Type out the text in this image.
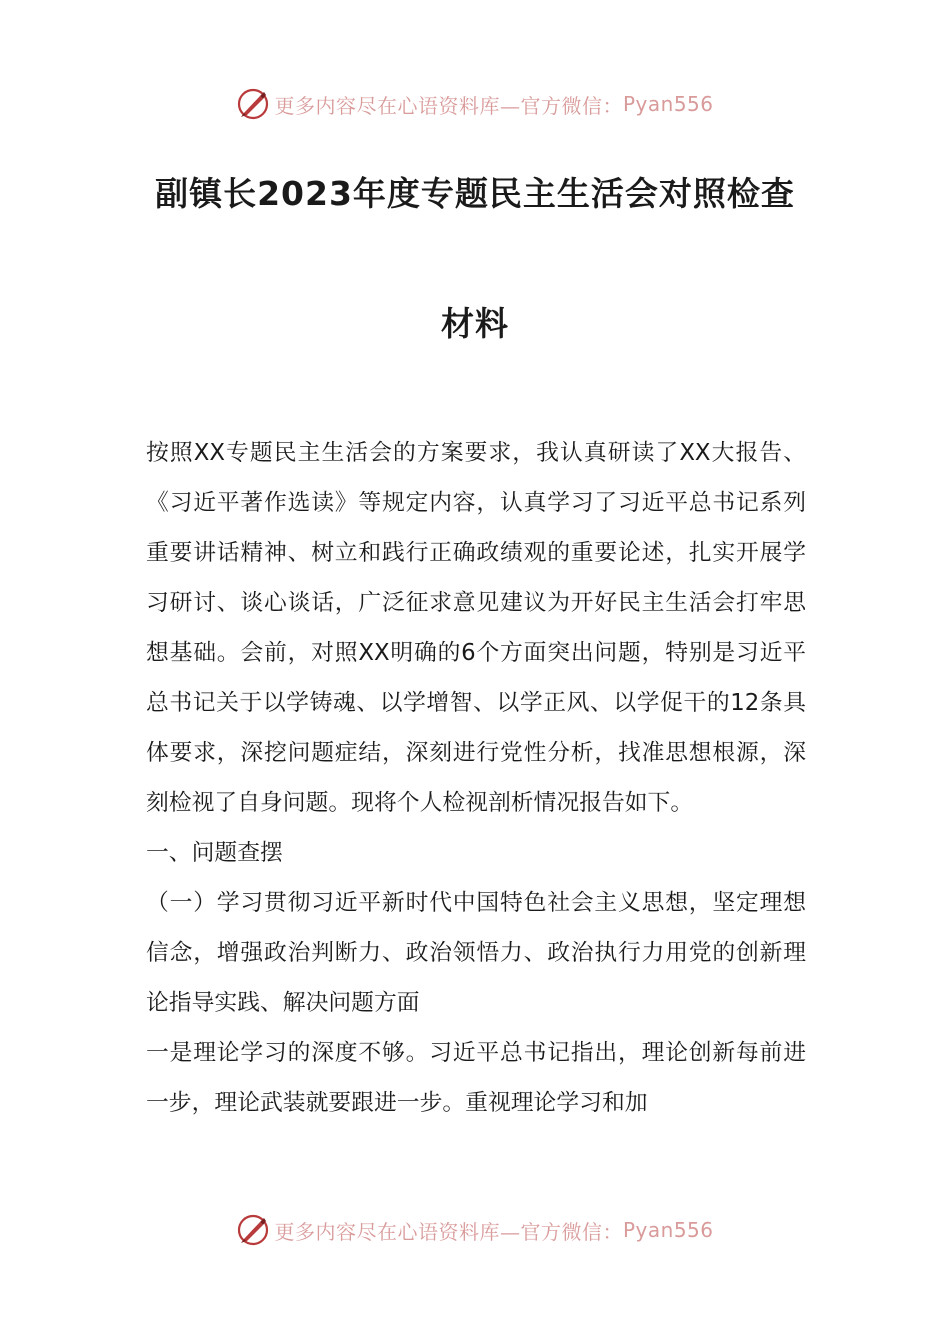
更多内容尽在心语资料库—官方微信： Pyan556
副镇长2023年度专题民主生活会对照检查
材料

按照XX专题民主生活会的方案要求，我认真研读了XX大报告、《习近平著作选读》等规定内容，认真学习了习近平总书记系列重要讲话精神、树立和践行正确政绩观的重要论述，扎实开展学习研讨、谈心谈话，广泛征求意见建议为开好民主生活会打牢思想基础。会前，对照XX明确的6个方面突出问题，特别是习近平总书记关于以学铸魂、以学增智、以学正风、以学促干的12条具体要求，深挖问题症结，深刻进行党性分析，找准思想根源，深刻检视了自身问题。现将个人检视剖析情况报告如下。

一、问题查摆

（一）学习贯彻习近平新时代中国特色社会主义思想，坚定理想信念，增强政治判断力、政治领悟力、政治执行力用党的创新理论指导实践、解决问题方面

一是理论学习的深度不够。习近平总书记指出，理论创新每前进一步，理论武装就要跟进一步。重视理论学习和加

更多内容尽在心语资料库—官方微信： Pyan556
